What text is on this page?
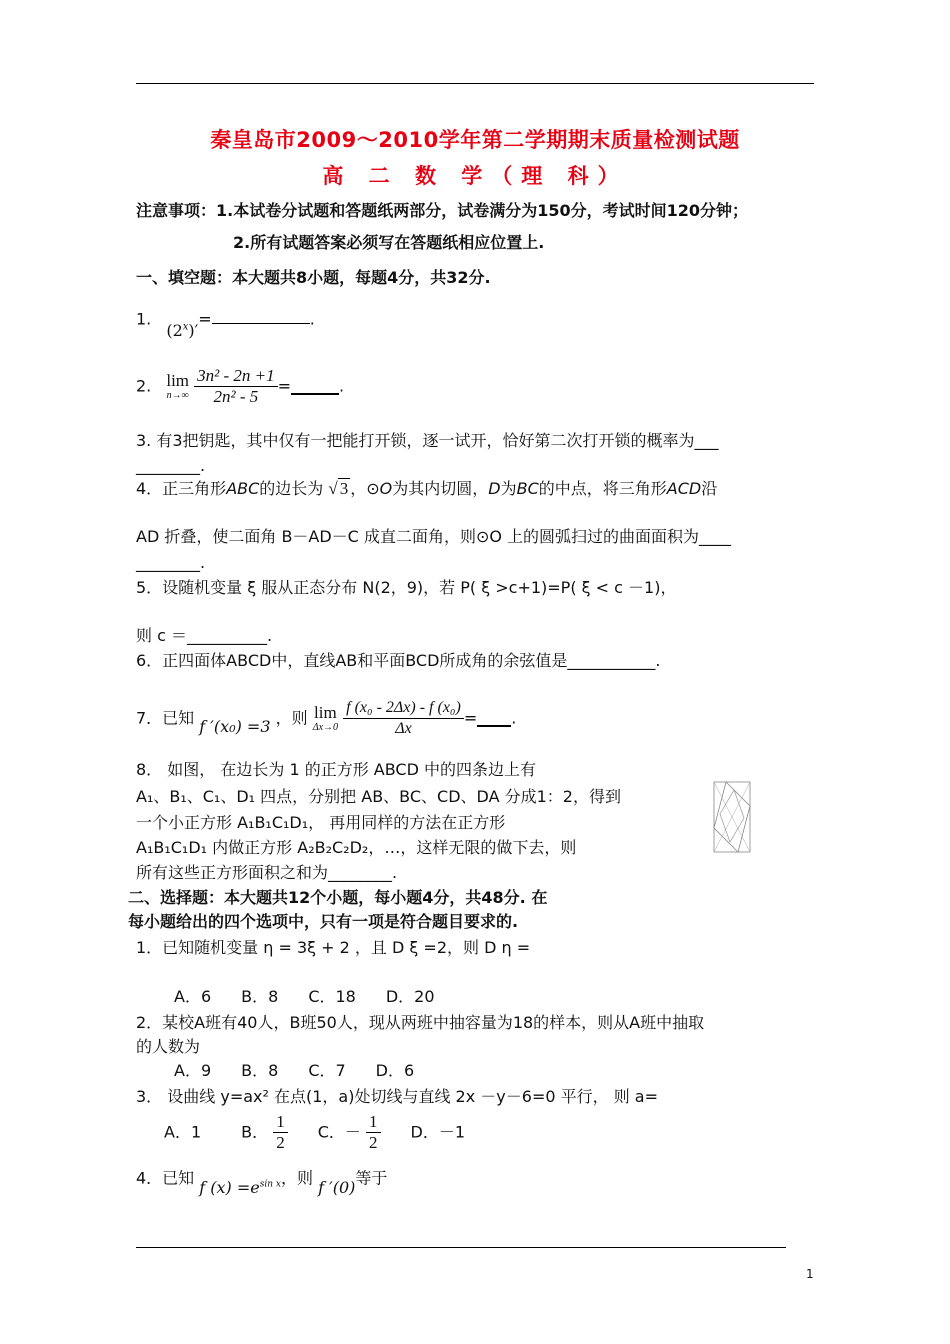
秦皇岛市2009～2010学年第二学期期末质量检测试题
高 二 数 学（理 科）
注意事项：1.本试卷分试题和答题纸两部分，试卷满分为150分，考试时间120分钟；
2.所有试题答案必须写在答题纸相应位置上.
一、填空题：本大题共8小题，每题4分，共32分.
1. $(2^x)'=$	.
2. lim
n→∞
$\frac{\text{3n² - 2n +1}}{\text{2n² - 5}}$ =	.
3. 有3把钥匙，其中仅有一把能打开锁，逐一试开，恰好第二次打开锁的概率为___
________.
4．正三角形ABC的边长为 √ 3 ，⊙O为其内切圆，D为BC的中点，将三角形ACD沿
AD 折叠，使二面角 B－AD－C 成直二面角，则⊙O 上的圆弧扫过的曲面面积为____
________.
5．设随机变量 ξ 服从正态分布 N(2，9)，若 P( ξ >c+1)=P( ξ < c －1)，
则 c ＝__________.
6．正四面体ABCD中，直线AB和平面BCD所成角的余弦值是___________.
7．已知 f ′(x₀) =3 ，则 lim
Δx→0
$\frac{\text{f (x₀ - 2Δx) - f (x₀)}}{\Delta x}$ = .
8． 如图， 在边长为 1 的正方形 ABCD 中的四条边上有
A₁、B₁、C₁、D₁ 四点，分别把 AB、BC、CD、DA 分成1：2，得到
一个小正方形 A₁B₁C₁D₁， 再用同样的方法在正方形
A₁B₁C₁D₁ 内做正方形 A₂B₂C₂D₂，…，这样无限的做下去，则
所有这些正方形面积之和为________.
二、选择题：本大题共12个小题，每小题4分，共48分. 在
每小题给出的四个选项中，只有一项是符合题目要求的.
1．已知随机变量 η = 3ξ + 2 ，且 D ξ =2，则 D η =
A．6 B．8 C．18 D．20
2．某校A班有40人，B班50人，现从两班中抽容量为18的样本，则从A班中抽取
的人数为
A．9 B．8 C．7 D．6
3． 设曲线 y=ax² 在点(1，a)处切线与直线 2x －y－6=0 平行， 则 a=
A．1	B． $\frac{1}{2}$ C．－ $\frac{1}{2}$ D．－1
4．已知 f $(x) =e^{sin x}$，则 f ′(0)等于
1
